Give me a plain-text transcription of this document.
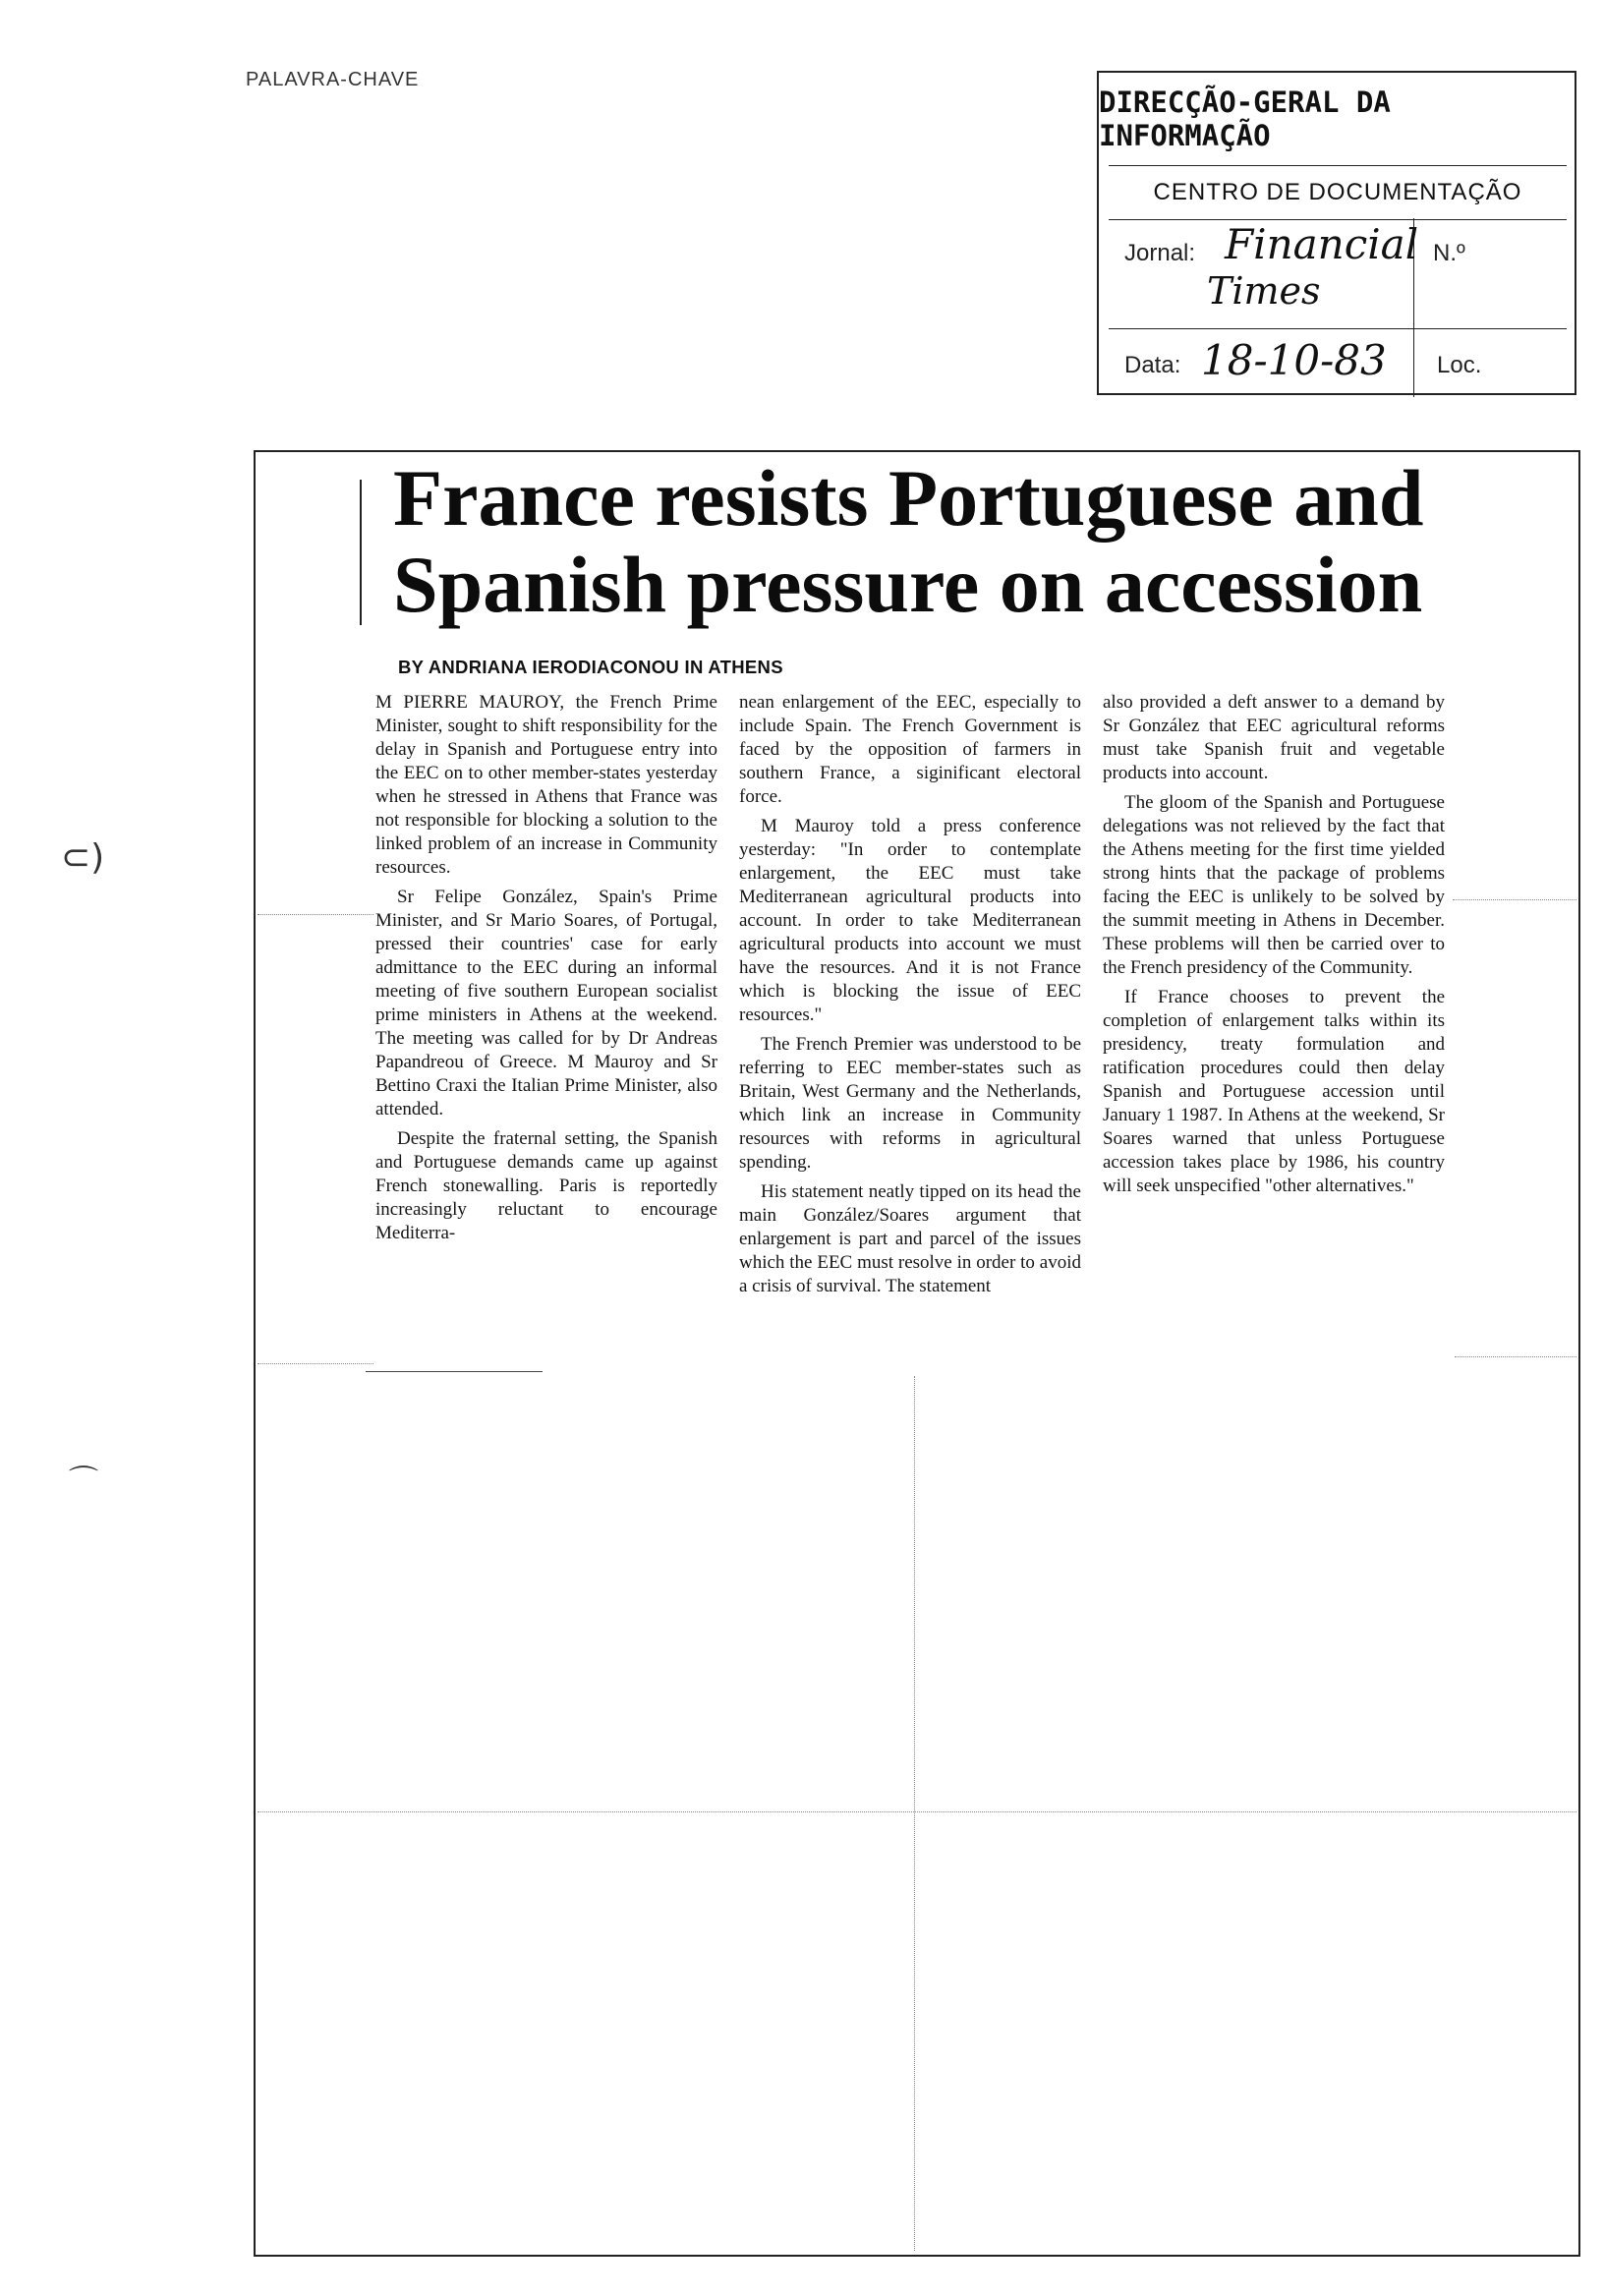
PALAVRA-CHAVE
DIRECÇÃO-GERAL DA INFORMAÇÃO
CENTRO DE DOCUMENTAÇÃO
Jornal: Financial
Times
N.º
Data: 18-10-83 Loc.
France resists Portuguese and Spanish pressure on accession
BY ANDRIANA IERODIACONOU IN ATHENS

M PIERRE MAUROY, the French Prime Minister, sought to shift responsibility for the delay in Spanish and Portuguese entry into the EEC on to other member-states yesterday when he stressed in Athens that France was not responsible for blocking a solution to the linked problem of an increase in Community resources.

Sr Felipe González, Spain's Prime Minister, and Sr Mario Soares, of Portugal, pressed their countries' case for early admittance to the EEC during an informal meeting of five southern European socialist prime ministers in Athens at the weekend. The meeting was called for by Dr Andreas Papandreou of Greece. M Mauroy and Sr Bettino Craxi the Italian Prime Minister, also attended.

Despite the fraternal setting, the Spanish and Portuguese demands came up against French stonewalling. Paris is reportedly increasingly reluctant to encourage Mediterra-

nean enlargement of the EEC, especially to include Spain. The French Government is faced by the opposition of farmers in southern France, a siginificant electoral force.

M Mauroy told a press conference yesterday: "In order to contemplate enlargement, the EEC must take Mediterranean agricultural products into account. In order to take Mediterranean agricultural products into account we must have the resources. And it is not France which is blocking the issue of EEC resources."

The French Premier was understood to be referring to EEC member-states such as Britain, West Germany and the Netherlands, which link an increase in Community resources with reforms in agricultural spending.

His statement neatly tipped on its head the main González/Soares argument that enlargement is part and parcel of the issues which the EEC must resolve in order to avoid a crisis of survival. The statement

also provided a deft answer to a demand by Sr González that EEC agricultural reforms must take Spanish fruit and vegetable products into account.

The gloom of the Spanish and Portuguese delegations was not relieved by the fact that the Athens meeting for the first time yielded strong hints that the package of problems facing the EEC is unlikely to be solved by the summit meeting in Athens in December. These problems will then be carried over to the French presidency of the Community.

If France chooses to prevent the completion of enlargement talks within its presidency, treaty formulation and ratification procedures could then delay Spanish and Portuguese accession until January 1 1987. In Athens at the weekend, Sr Soares warned that unless Portuguese accession takes place by 1986, his country will seek unspecified "other alternatives."

⊂)
⌒
